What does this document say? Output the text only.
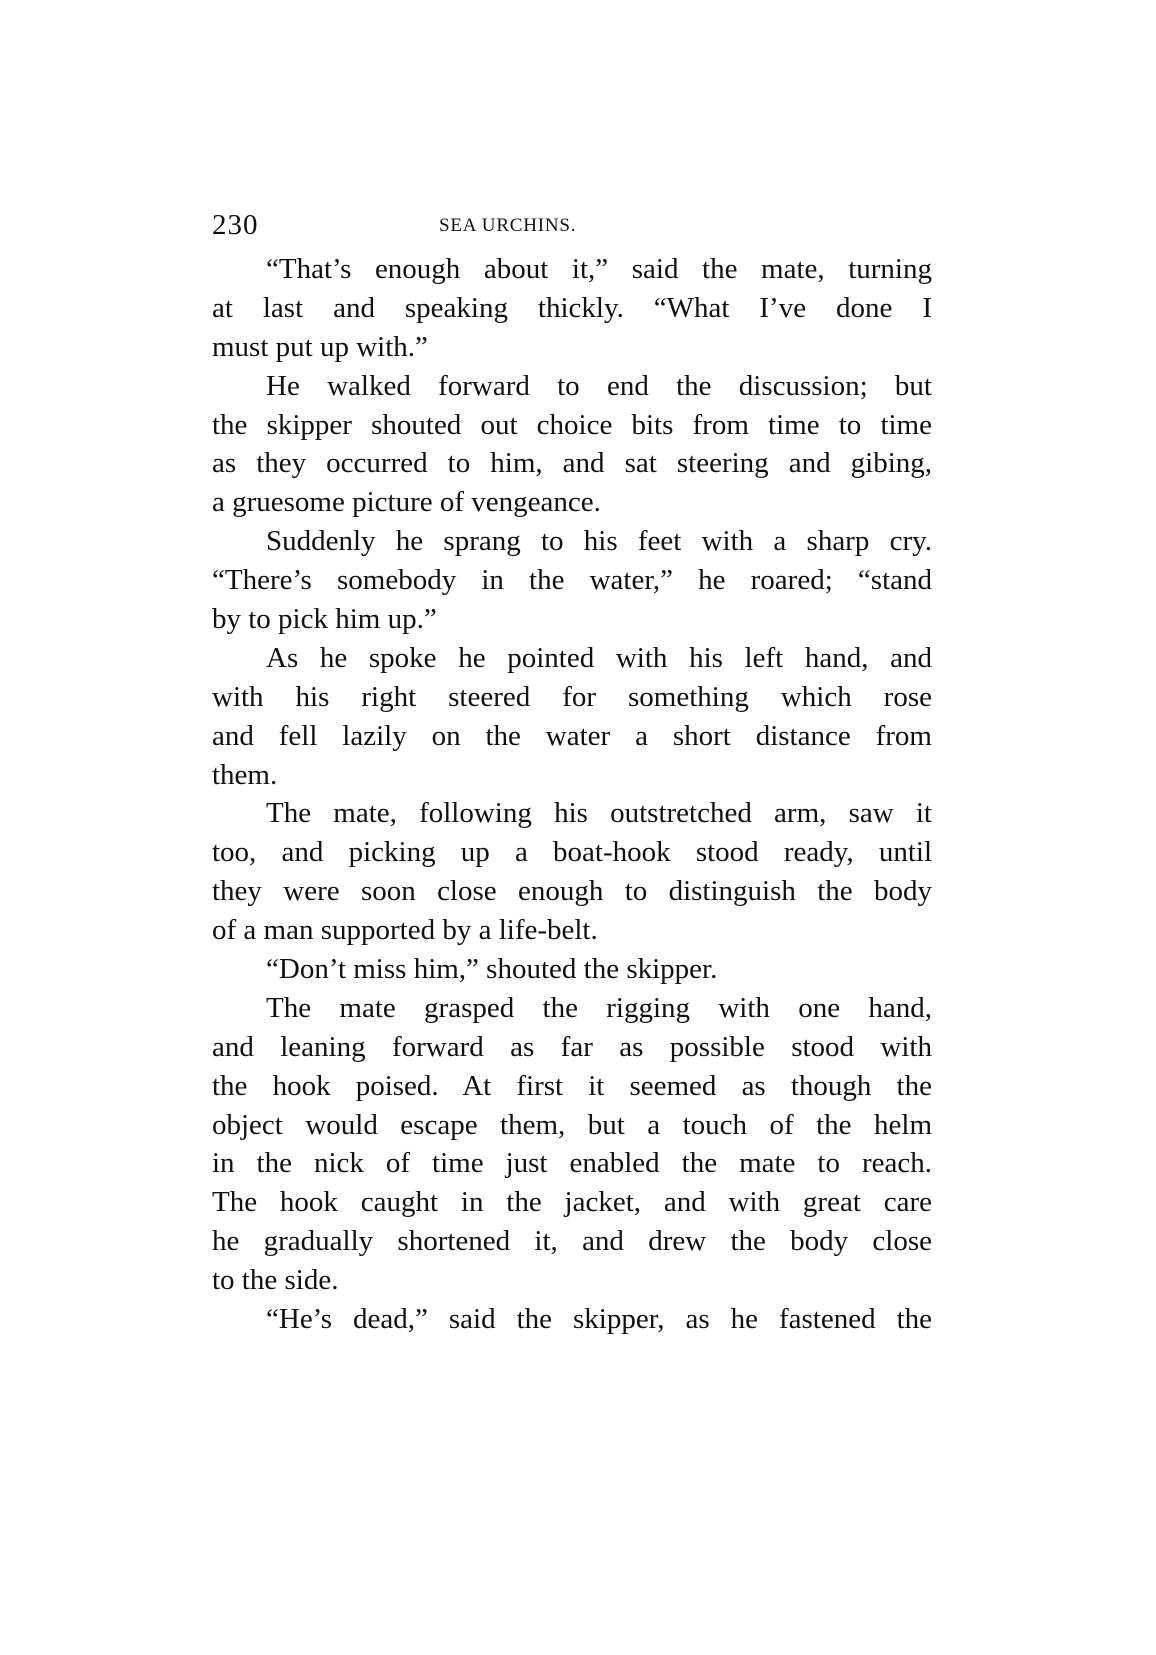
230	SEA URCHINS.
“That’s enough about it,” said the mate, turning
at last and speaking thickly. “What I’ve done I
must put up with.”
He walked forward to end the discussion; but
the skipper shouted out choice bits from time to time
as they occurred to him, and sat steering and gibing,
a gruesome picture of vengeance.
Suddenly he sprang to his feet with a sharp cry.
“There’s somebody in the water,” he roared; “stand
by to pick him up.”
As he spoke he pointed with his left hand, and
with his right steered for something which rose
and fell lazily on the water a short distance from
them.
The mate, following his outstretched arm, saw it
too, and picking up a boat-hook stood ready, until
they were soon close enough to distinguish the body
of a man supported by a life-belt.
“Don’t miss him,” shouted the skipper.
The mate grasped the rigging with one hand,
and leaning forward as far as possible stood with
the hook poised. At first it seemed as though the
object would escape them, but a touch of the helm
in the nick of time just enabled the mate to reach.
The hook caught in the jacket, and with great care
he gradually shortened it, and drew the body close
to the side.
“He’s dead,” said the skipper, as he fastened the
